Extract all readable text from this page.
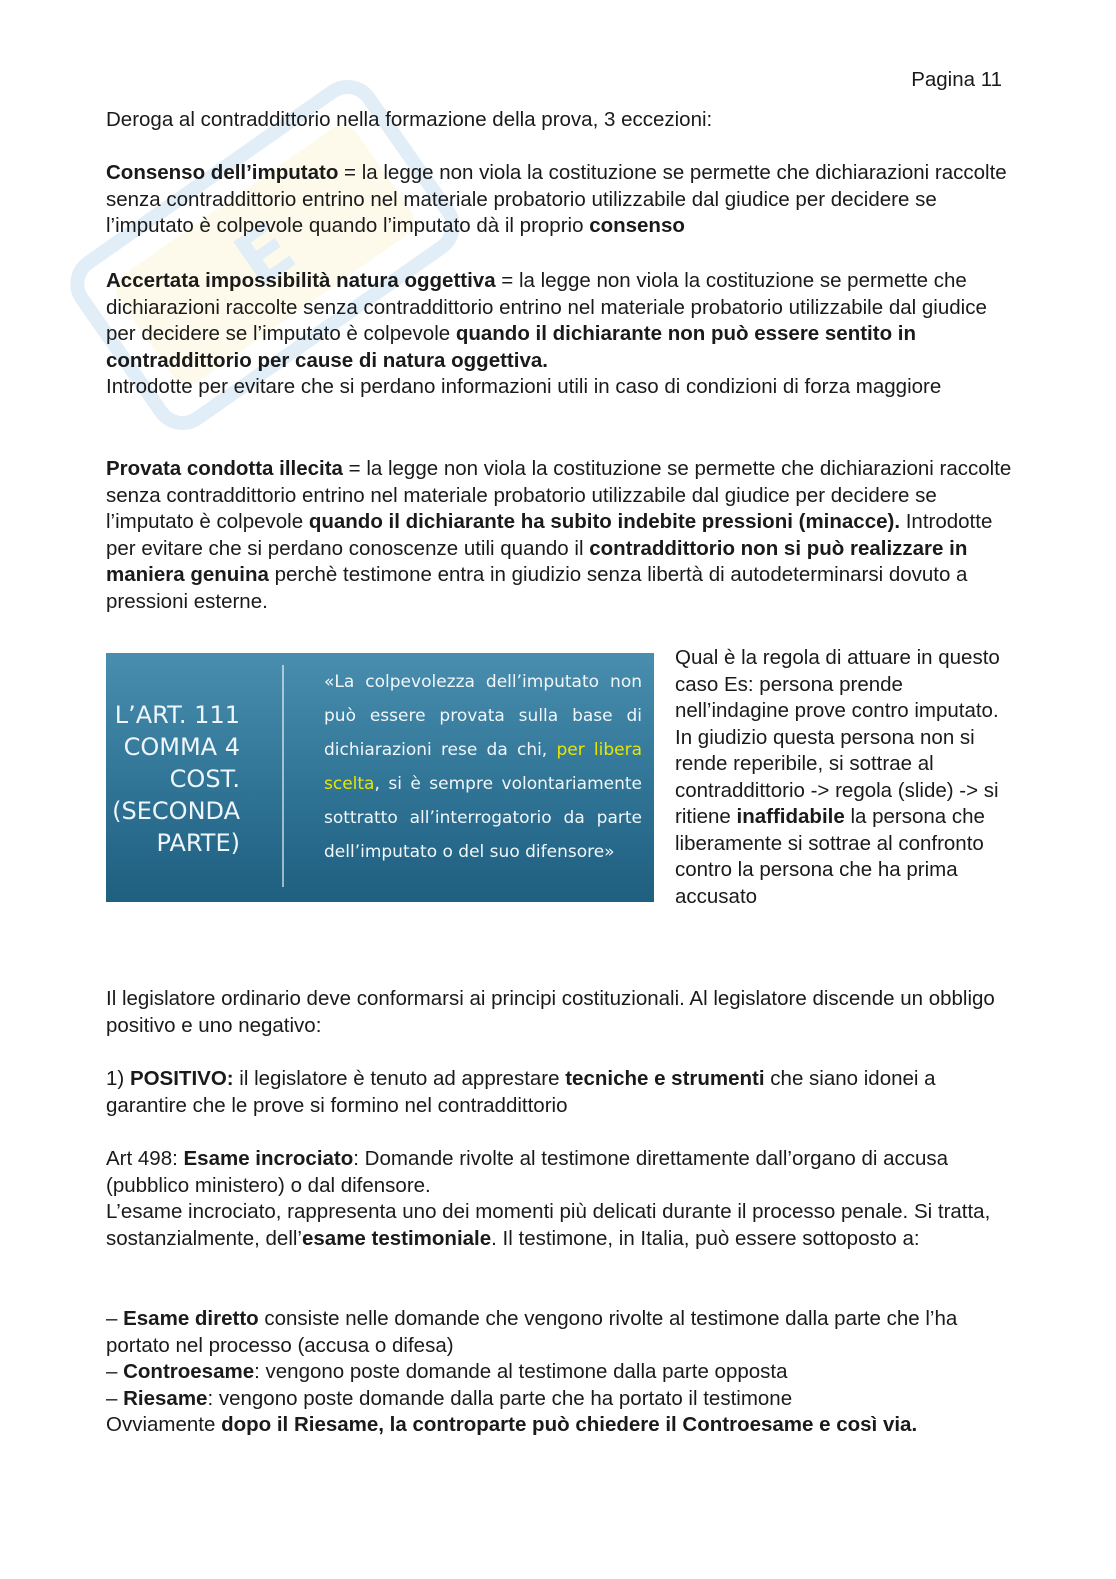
E
Pagina 11

Deroga al contraddittorio nella formazione della prova, 3 eccezioni:

Consenso dell’imputato = la legge non viola la costituzione se permette che dichiarazioni raccolte senza contraddittorio entrino nel materiale probatorio utilizzabile dal giudice per decidere se l’imputato è colpevole quando l’imputato dà il proprio consenso

Accertata impossibilità natura oggettiva = la legge non viola la costituzione se permette che dichiarazioni raccolte senza contraddittorio entrino nel materiale probatorio utilizzabile dal giudice per decidere se l’imputato è colpevole quando il dichiarante non può essere sentito in contraddittorio per cause di natura oggettiva.

Introdotte per evitare che si perdano informazioni utili in caso di condizioni di forza maggiore

Provata condotta illecita = la legge non viola la costituzione se permette che dichiarazioni raccolte senza contraddittorio entrino nel materiale probatorio utilizzabile dal giudice per decidere se l’imputato è colpevole quando il dichiarante ha subito indebite pressioni (minacce). Introdotte per evitare che si perdano conoscenze utili quando il contraddittorio non si può realizzare in maniera genuina perchè testimone entra in giudizio senza libertà di autodeterminarsi dovuto a pressioni esterne.

L’ART. 111
COMMA 4
COST.
(SECONDA
PARTE)
«La colpevolezza dell’imputato non può essere provata sulla base di dichiarazioni rese da chi, per libera scelta, si è sempre volontariamente sottratto all’interrogatorio da parte
dell’imputato o del suo difensore»

Qual è la regola di attuare in questo caso Es: persona prende nell’indagine prove contro imputato. In giudizio questa persona non si rende reperibile, si sottrae al contraddittorio -> regola (slide) -> si ritiene inaffidabile la persona che liberamente si sottrae al confronto contro la persona che ha prima accusato

Il legislatore ordinario deve conformarsi ai principi costituzionali. Al legislatore discende un obbligo positivo e uno negativo:

1) POSITIVO: il legislatore è tenuto ad apprestare tecniche e strumenti che siano idonei a garantire che le prove si formino nel contraddittorio

Art 498: Esame incrociato: Domande rivolte al testimone direttamente dall’organo di accusa (pubblico ministero) o dal difensore.

L’esame incrociato, rappresenta uno dei momenti più delicati durante il processo penale. Si tratta, sostanzialmente, dell’esame testimoniale. Il testimone, in Italia, può essere sottoposto a:

– Esame diretto consiste nelle domande che vengono rivolte al testimone dalla parte che l’ha portato nel processo (accusa o difesa)

– Controesame: vengono poste domande al testimone dalla parte opposta

– Riesame: vengono poste domande dalla parte che ha portato il testimone

Ovviamente dopo il Riesame, la controparte può chiedere il Controesame e così via.
